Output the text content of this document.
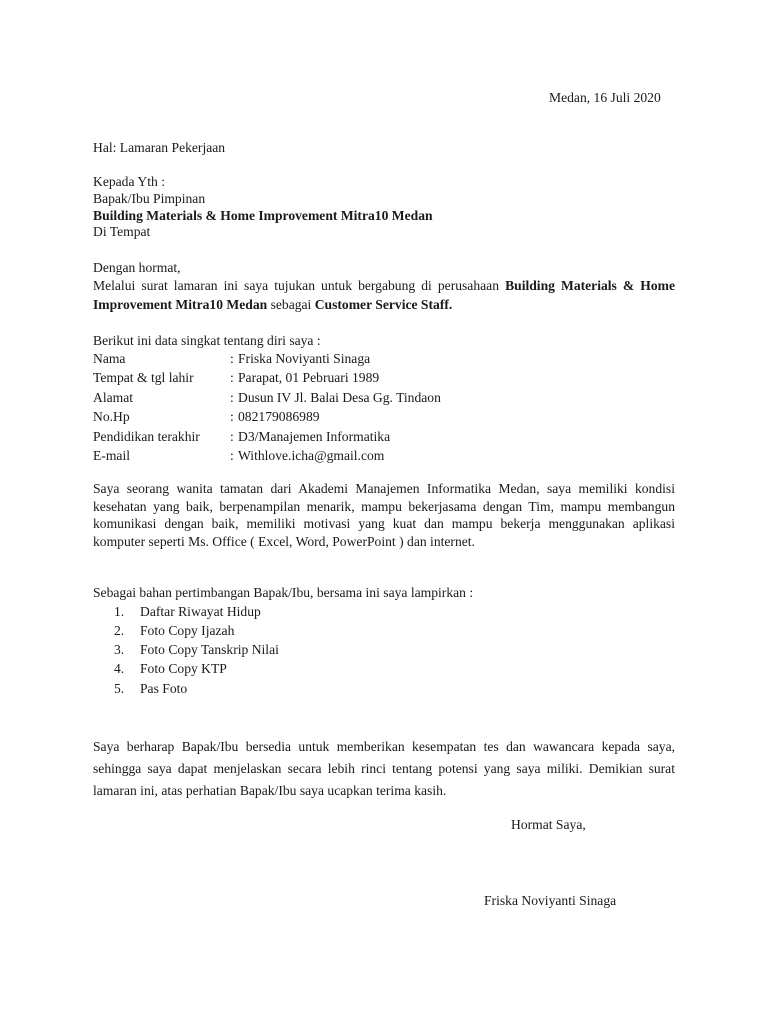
Medan, 16 Juli 2020
Hal: Lamaran Pekerjaan
Kepada Yth :
Bapak/Ibu Pimpinan
Building Materials & Home Improvement Mitra10 Medan
Di Tempat
Dengan hormat,
Melalui surat lamaran ini saya tujukan untuk bergabung di perusahaan Building Materials & Home Improvement Mitra10 Medan sebagai Customer Service Staff.
Berikut ini data singkat tentang diri saya :
Nama	: Friska Noviyanti Sinaga
Tempat & tgl lahir	: Parapat, 01 Pebruari 1989
Alamat	: Dusun IV Jl. Balai Desa Gg. Tindaon
No.Hp	: 082179086989
Pendidikan terakhir : D3/Manajemen Informatika
E-mail	: Withlove.icha@gmail.com
Saya seorang wanita tamatan dari Akademi Manajemen Informatika Medan, saya memiliki kondisi kesehatan yang baik, berpenampilan menarik, mampu bekerjasama dengan Tim, mampu membangun komunikasi dengan baik, memiliki motivasi yang kuat dan mampu bekerja menggunakan aplikasi komputer seperti Ms. Office ( Excel, Word, PowerPoint ) dan internet.
Sebagai bahan pertimbangan Bapak/Ibu, bersama ini saya lampirkan :
1. Daftar Riwayat Hidup
2. Foto Copy Ijazah
3. Foto Copy Tanskrip Nilai
4. Foto Copy KTP
5. Pas Foto
Saya berharap Bapak/Ibu bersedia untuk memberikan kesempatan tes dan wawancara kepada saya, sehingga saya dapat menjelaskan secara lebih rinci tentang potensi yang saya miliki. Demikian surat lamaran ini, atas perhatian Bapak/Ibu saya ucapkan terima kasih.
Hormat Saya,
Friska Noviyanti Sinaga
